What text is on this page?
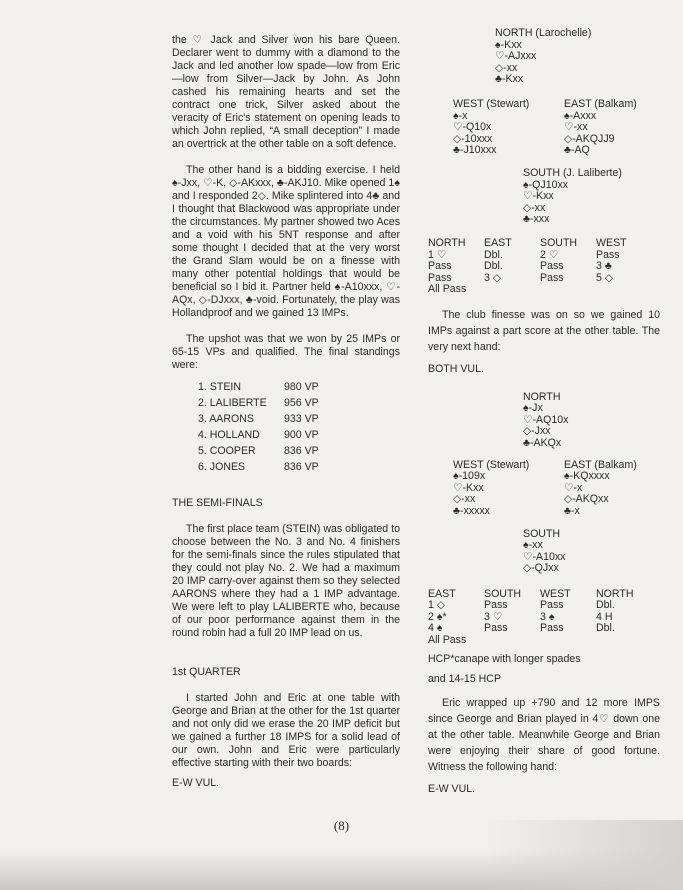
the ♡ Jack and Silver won his bare Queen. Declarer went to dummy with a diamond to the Jack and led another low spade—low from Eric—low from Silver—Jack by John. As John cashed his remaining hearts and set the contract one trick, Silver asked about the veracity of Eric's statement on opening leads to which John replied, “A small deception” I made an overtrick at the other table on a soft defence.

The other hand is a bidding exercise. I held ♠-Jxx, ♡-K, ◇-AKxxx, ♣-AKJ10. Mike opened 1♠ and I responded 2◇. Mike splintered into 4♣ and I thought that Blackwood was appropriate under the circumstances. My partner showed two Aces and a void with his 5NT response and after some thought I decided that at the very worst the Grand Slam would be on a finesse with many other potential holdings that would be beneficial so I bid it. Partner held ♠-A10xxx, ♡-AQx, ◇-DJxxx, ♣-void. Fortunately, the play was Hollandproof and we gained 13 IMPs.

The upshot was that we won by 25 IMPs or 65-15 VPs and qualified. The final standings were:

1. STEIN	980 VP
2. LALIBERTE	956 VP
3. AARONS	933 VP
4. HOLLAND	900 VP
5. COOPER	836 VP
6. JONES	836 VP

THE SEMI-FINALS

The first place team (STEIN) was obligated to choose between the No. 3 and No. 4 finishers for the semi-finals since the rules stipulated that they could not play No. 2. We had a maximum 20 IMP carry-over against them so they selected AARONS where they had a 1 IMP advantage. We were left to play LALIBERTE who, because of our poor performance against them in the round robin had a full 20 IMP lead on us.

1st QUARTER

I started John and Eric at one table with George and Brian at the other for the 1st quarter and not only did we erase the 20 IMP deficit but we gained a further 18 IMPS for a solid lead of our own. John and Eric were particularly effective starting with their two boards:

E-W VUL.

NORTH (Larochelle)
♠-Kxx
♡-AJxxx
◇-xx
♣-Kxx
WEST (Stewart)
♠-x
♡-Q10x
◇-10xxx
♣-J10xxx
EAST (Balkam)
♠-Axxx
♡-xx
◇-AKQJJ9
♣-AQ
SOUTH (J. Laliberte)
♠-QJ10xx
♡-Kxx
◇-xx
♣-xxx
NORTH	EAST	SOUTH	WEST
1 ♡	Dbl.	2 ♡	Pass
Pass	Dbl.	Pass	3 ♣
Pass	3 ◇	Pass	5 ◇
All Pass

The club finesse was on so we gained 10 IMPs against a part score at the other table. The very next hand:

BOTH VUL.

NORTH
♠-Jx
♡-AQ10x
◇-Jxx
♣-AKQx
WEST (Stewart)
♠-109x
♡-Kxx
◇-xx
♣-xxxxx
EAST (Balkam)
♠-KQxxxx
♡-x
◇-AKQxx
♣-x
SOUTH
♠-xx
♡-A10xx
◇-QJxx
EAST	SOUTH	WEST	NORTH
1 ◇	Pass	Pass	Dbl.
2 ♠*	3 ♡	3 ♠	4 H
4 ♠	Pass	Pass	Dbl.
All Pass

HCP*canape with longer spades

and 14-15 HCP

Eric wrapped up +790 and 12 more IMPS since George and Brian played in 4♡ down one at the other table. Meanwhile George and Brian were enjoying their share of good fortune. Witness the following hand:

E-W VUL.

(8)
